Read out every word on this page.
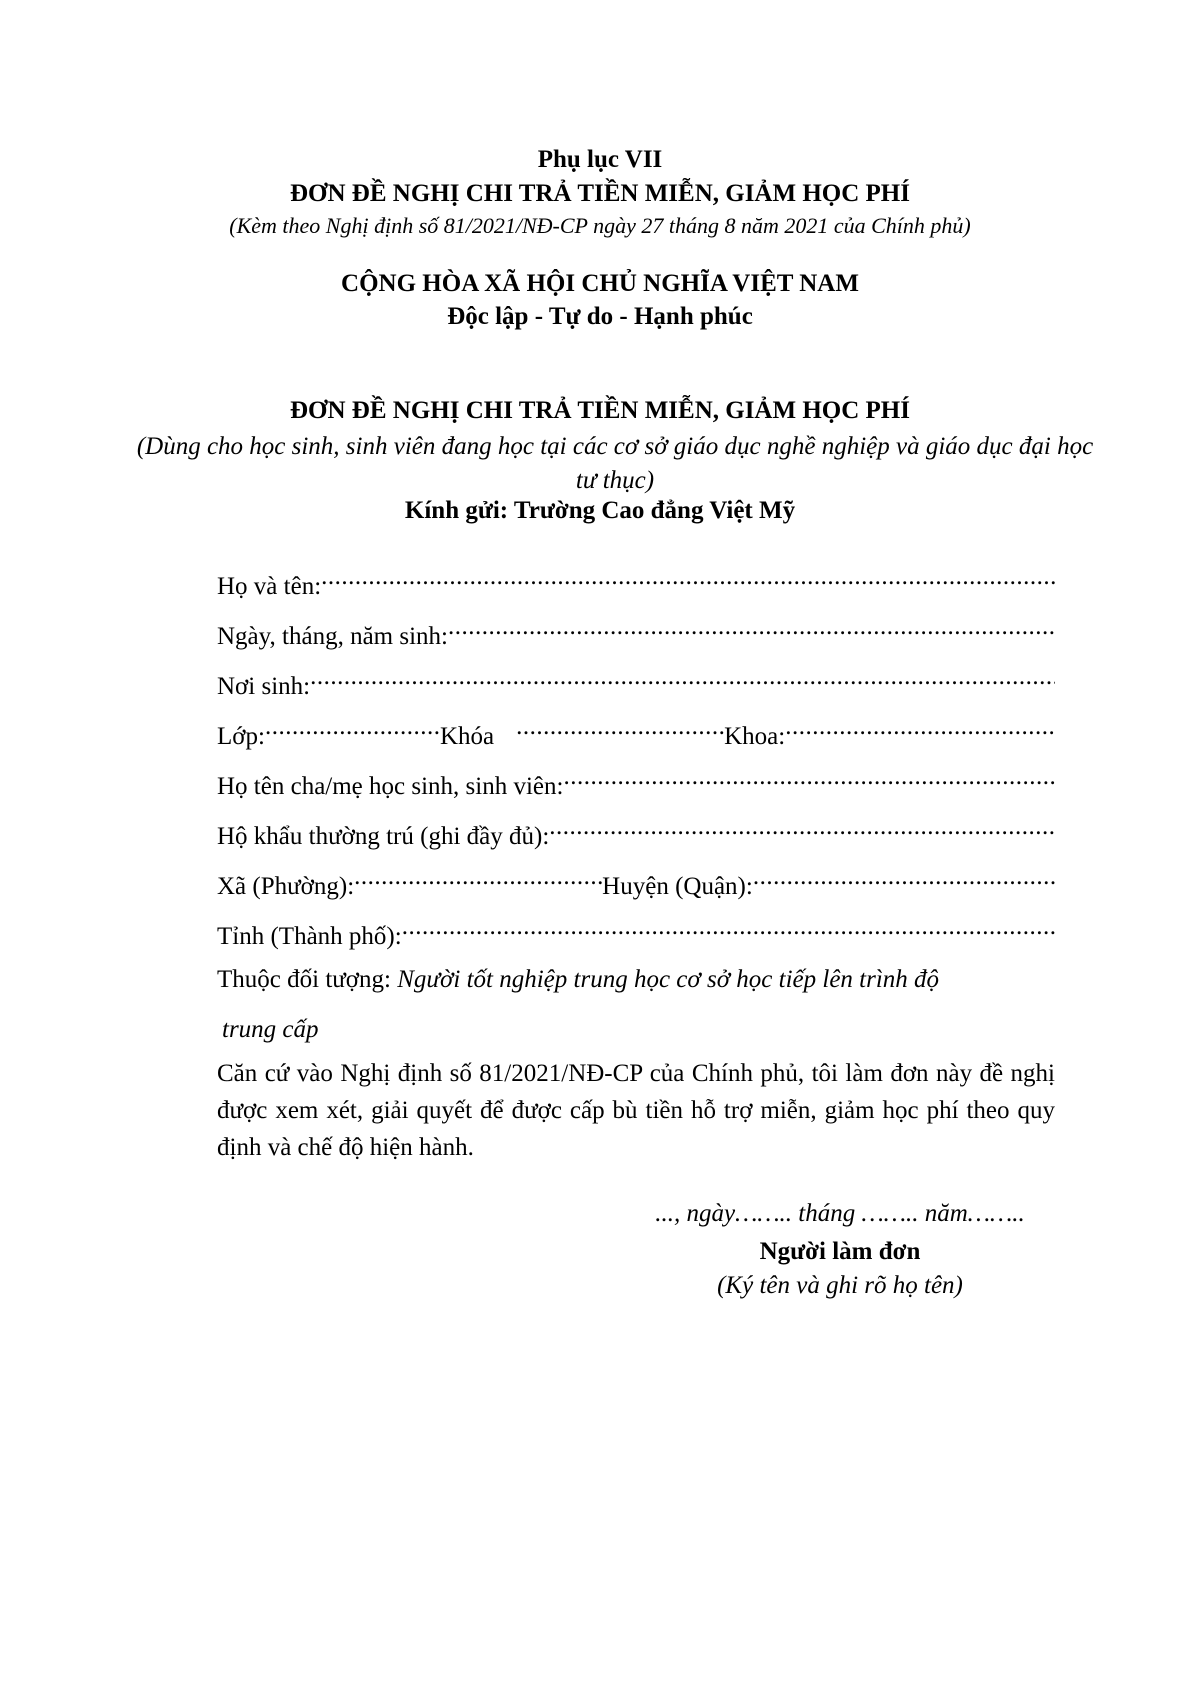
Phụ lục VII
ĐƠN ĐỀ NGHỊ CHI TRẢ TIỀN MIỄN, GIẢM HỌC PHÍ
(Kèm theo Nghị định số 81/2021/NĐ-CP ngày 27 tháng 8 năm 2021 của Chính phủ)
CỘNG HÒA XÃ HỘI CHỦ NGHĨA VIỆT NAM
Độc lập - Tự do - Hạnh phúc
ĐƠN ĐỀ NGHỊ CHI TRẢ TIỀN MIỄN, GIẢM HỌC PHÍ
(Dùng cho học sinh, sinh viên đang học tại các cơ sở giáo dục nghề nghiệp và giáo dục đại học tư thục)
Kính gửi: Trường Cao đẳng Việt Mỹ
Họ và tên:
.....
Ngày, tháng, năm sinh:
.....
Nơi sinh:
.....
Lớp: .....	Khóa .....	Khoa:
.....
Họ tên cha/mẹ học sinh, sinh viên:
.....
Hộ khẩu thường trú (ghi đầy đủ):
.....
Xã (Phường): .....	Huyện (Quận):
.....
Tỉnh (Thành phố):
.....
Thuộc đối tượng: Người tốt nghiệp trung học cơ sở học tiếp lên trình độ
trung cấp
Căn cứ vào Nghị định số 81/2021/NĐ-CP của Chính phủ, tôi làm đơn này đề nghị được xem xét, giải quyết để được cấp bù tiền hỗ trợ miễn, giảm học phí theo quy định và chế độ hiện hành.
..., ngày…….. tháng …….. năm……..
Người làm đơn
(Ký tên và ghi rõ họ tên)
